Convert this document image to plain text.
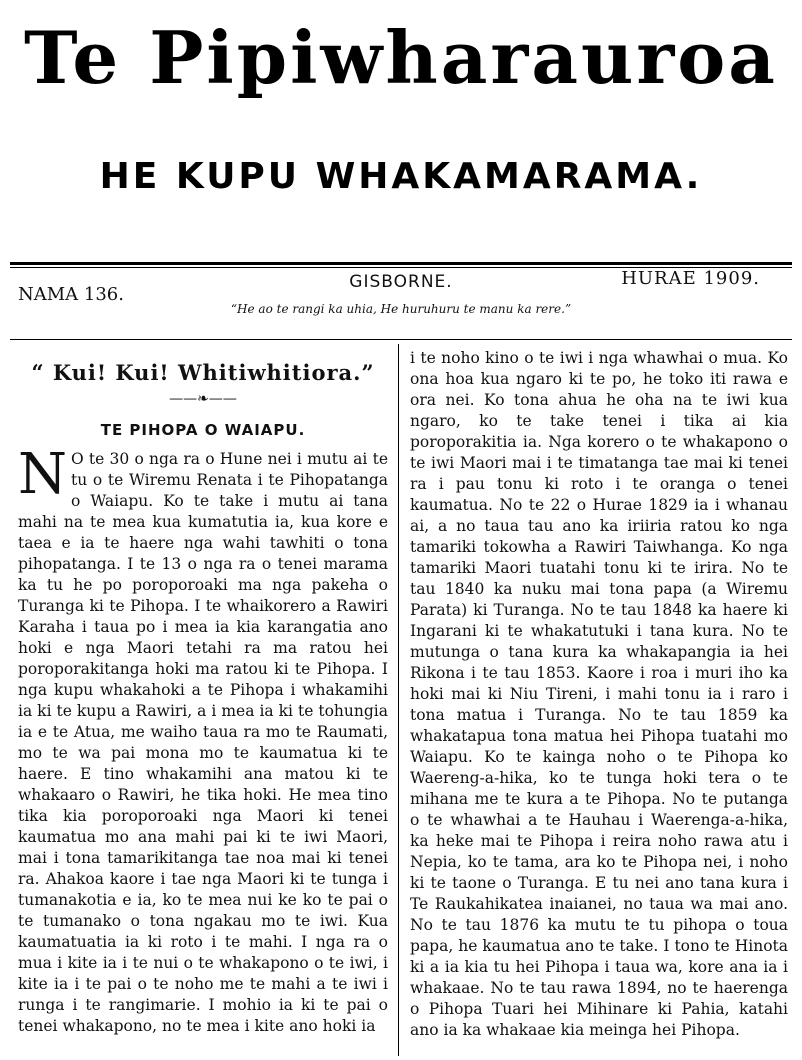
Te Pipiwharauroa
HE KUPU WHAKAMARAMA.
GISBORNE.	HURAE 1909.
NAMA 136.
“He ao te rangi ka uhia, He huruhuru te manu ka rere.”
“ Kui! Kui! Whitiwhitiora.”
——❧——
TE PIHOPA O WAIAPU.

N O te 30 o nga ra o Hune nei i mutu ai te tu o te Wiremu Renata i te Pihopatanga o Waiapu. Ko te take i mutu ai tana mahi na te mea kua kumatutia ia, kua kore e taea e ia te haere nga wahi tawhiti o tona pihopatanga. I te 13 o nga ra o tenei marama ka tu he po poroporoaki ma nga pakeha o Turanga ki te Pihopa. I te whaikorero a Rawiri Karaha i taua po i mea ia kia karangatia ano hoki e nga Maori tetahi ra ma ratou hei poroporakitanga hoki ma ratou ki te Pihopa. I nga kupu whakahoki a te Pihopa i whakamihi ia ki te kupu a Rawiri, a i mea ia ki te tohungia ia e te Atua, me waiho taua ra mo te Raumati, mo te wa pai mona mo te kaumatua ki te haere. E tino whakamihi ana matou ki te whakaaro o Rawiri, he tika hoki. He mea tino tika kia poroporoaki nga Maori ki tenei kaumatua mo ana mahi pai ki te iwi Maori, mai i tona tamarikitanga tae noa mai ki tenei ra. Ahakoa kaore i tae nga Maori ki te tunga i tumanakotia e ia, ko te mea nui ke ko te pai o te tumanako o tona ngakau mo te iwi. Kua kaumatuatia ia ki roto i te mahi. I nga ra o mua i kite ia i te nui o te whakapono o te iwi, i kite ia i te pai o te noho me te mahi a te iwi i runga i te rangimarie. I mohio ia ki te pai o tenei whakapono, no te mea i kite ano hoki ia

i te noho kino o te iwi i nga whawhai o mua. Ko ona hoa kua ngaro ki te po, he toko iti rawa e ora nei. Ko tona ahua he oha na te iwi kua ngaro, ko te take tenei i tika ai kia poroporakitia ia. Nga korero o te whakapono o te iwi Maori mai i te timatanga tae mai ki tenei ra i pau tonu ki roto i te oranga o tenei kaumatua. No te 22 o Hurae 1829 ia i whanau ai, a no taua tau ano ka iriiria ratou ko nga tamariki tokowha a Rawiri Taiwhanga. Ko nga tamariki Maori tuatahi tonu ki te irira. No te tau 1840 ka nuku mai tona papa (a Wiremu Parata) ki Turanga. No te tau 1848 ka haere ki Ingarani ki te whakatutuki i tana kura. No te mutunga o tana kura ka whakapangia ia hei Rikona i te tau 1853. Kaore i roa i muri iho ka hoki mai ki Niu Tireni, i mahi tonu ia i raro i tona matua i Turanga. No te tau 1859 ka whakatapua tona matua hei Pihopa tuatahi mo Waiapu. Ko te kainga noho o te Pihopa ko Waereng-a-hika, ko te tunga hoki tera o te mihana me te kura a te Pihopa. No te putanga o te whawhai a te Hauhau i Waerenga-a-hika, ka heke mai te Pihopa i reira noho rawa atu i Nepia, ko te tama, ara ko te Pihopa nei, i noho ki te taone o Turanga. E tu nei ano tana kura i Te Raukahikatea inaianei, no taua wa mai ano. No te tau 1876 ka mutu te tu pihopa o toua papa, he kaumatua ano te take. I tono te Hinota ki a ia kia tu hei Pihopa i taua wa, kore ana ia i whakaae. No te tau rawa 1894, no te haerenga o Pihopa Tuari hei Mihinare ki Pahia, katahi ano ia ka whakaae kia meinga hei Pihopa.
